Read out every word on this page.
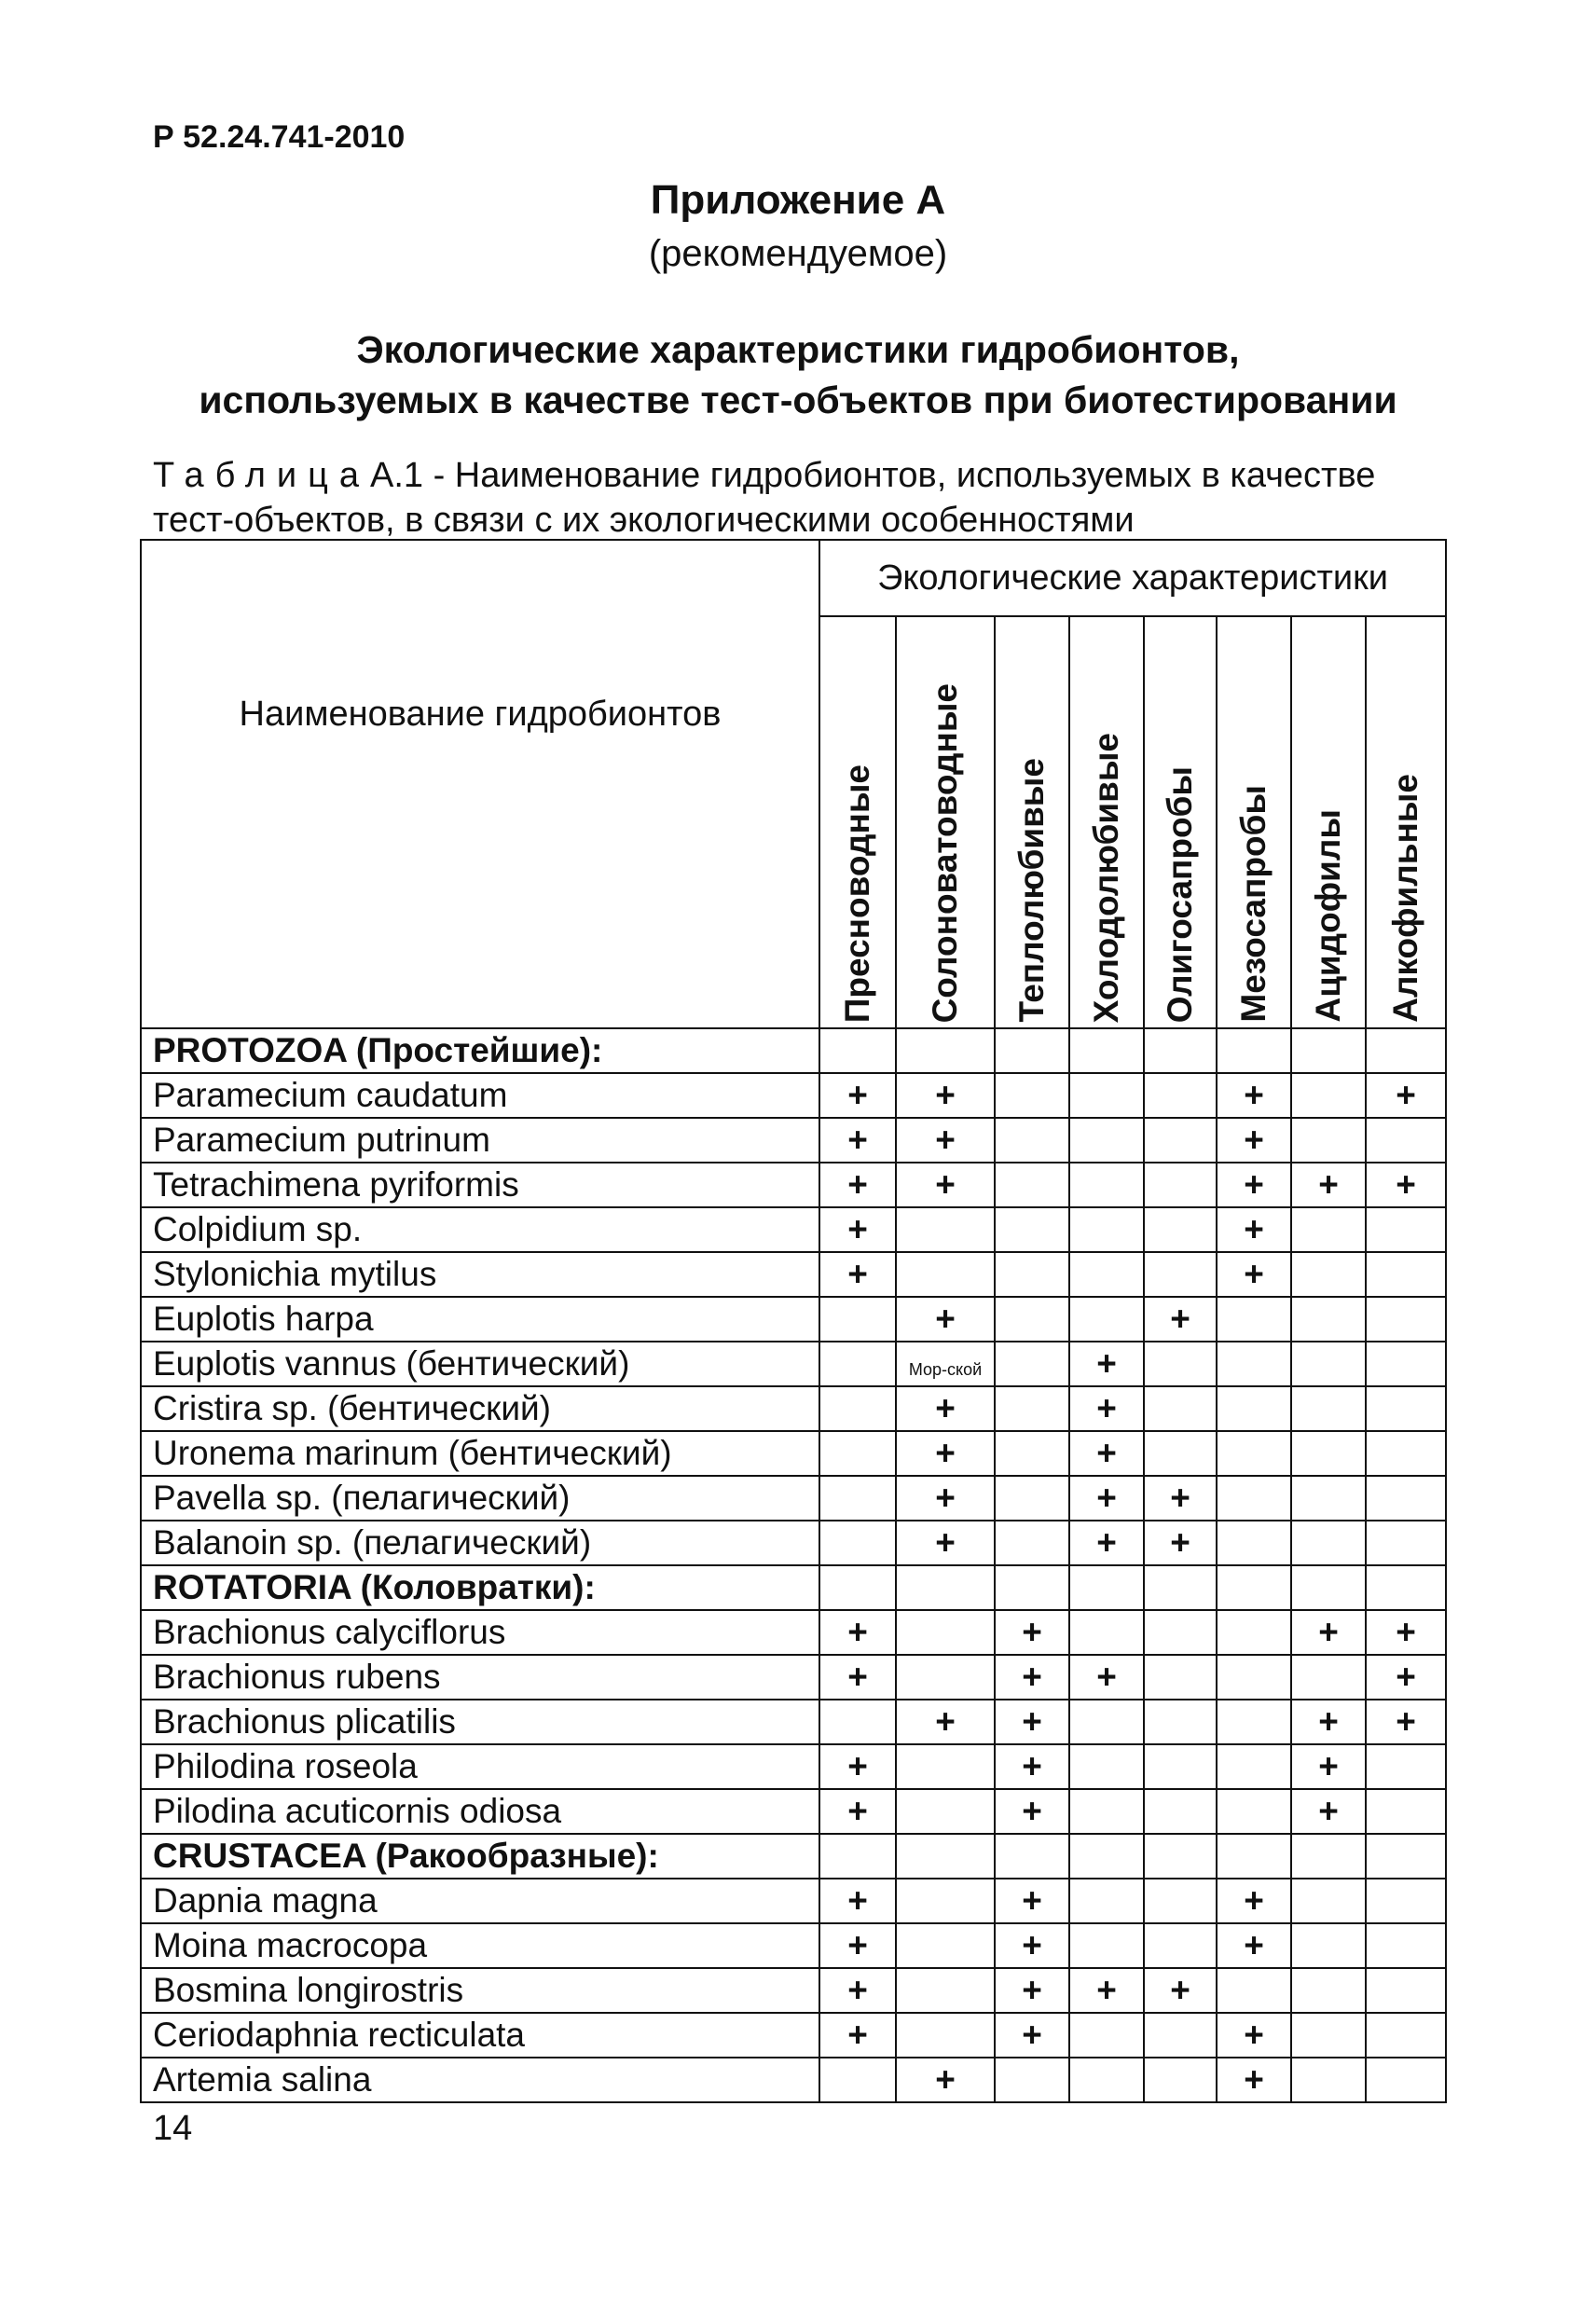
Р 52.24.741-2010
Приложение А
(рекомендуемое)
Экологические характеристики гидробионтов,
используемых в качестве тест-объектов при биотестировании
ТаблицаА.1 - Наименование гидробионтов, используемых в качестве
тест-объектов, в связи с их экологическими особенностями
Наименование гидробионтов	Экологические характеристики							
	Пресноводные	Солоноватоводные	Теплолюбивые	Холодолюбивые	Олигосапробы	Мезосапробы	Ацидофилы	Алкофильные
PROTOZOA (Простейшие):								
Paramecium caudatum	+	+				+		+
Paramecium putrinum	+	+				+		
Tetrachimena pyriformis	+	+				+	+	+
Colpidium sp.	+					+		
Stylonichia mytilus	+					+		
Euplotis harpa		+			+			
Euplotis vannus (бентический)		Мор-ской		+				
Cristira sp. (бентический)		+		+				
Uronema marinum (бентический)		+		+				
Pavella sp. (пелагический)		+		+	+			
Balanoin sp. (пелагический)		+		+	+			
ROTATORIA (Коловратки):								
Brachionus calyciflorus	+		+				+	+
Brachionus rubens	+		+	+				+
Brachionus plicatilis		+	+				+	+
Philodina roseola	+		+				+	
Pilodina acuticornis odiosa	+		+				+	
CRUSTACEA (Ракообразные):								
Dapnia magna	+		+			+		
Moina macrocopa	+		+			+		
Bosmina longirostris	+		+	+	+			
Ceriodaphnia recticulata	+		+			+		
Artemia salina		+				+		
14
